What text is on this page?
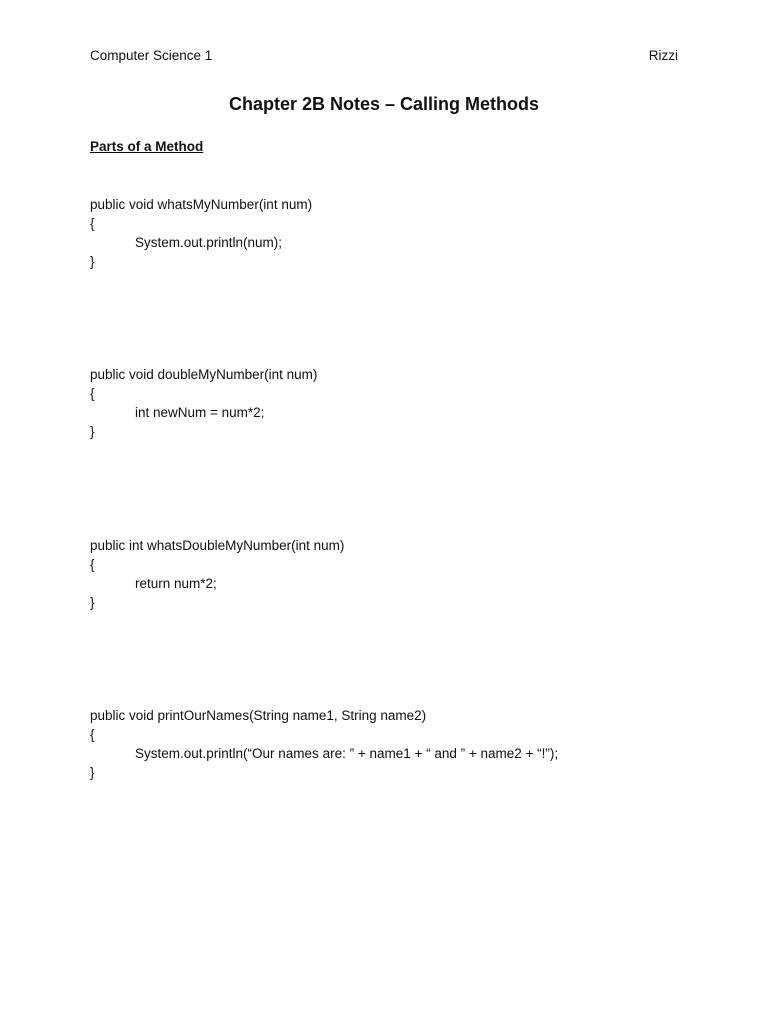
Computer Science 1	Rizzi
Chapter 2B Notes – Calling Methods
Parts of a Method
public void whatsMyNumber(int num)
{
System.out.println(num);
}
public void doubleMyNumber(int num)
{
int newNum = num*2;
}
public int whatsDoubleMyNumber(int num)
{
return num*2;
}
public void printOurNames(String name1, String name2)
{
System.out.println(“Our names are: ” + name1 + “ and ” + name2 + “!”);
}
